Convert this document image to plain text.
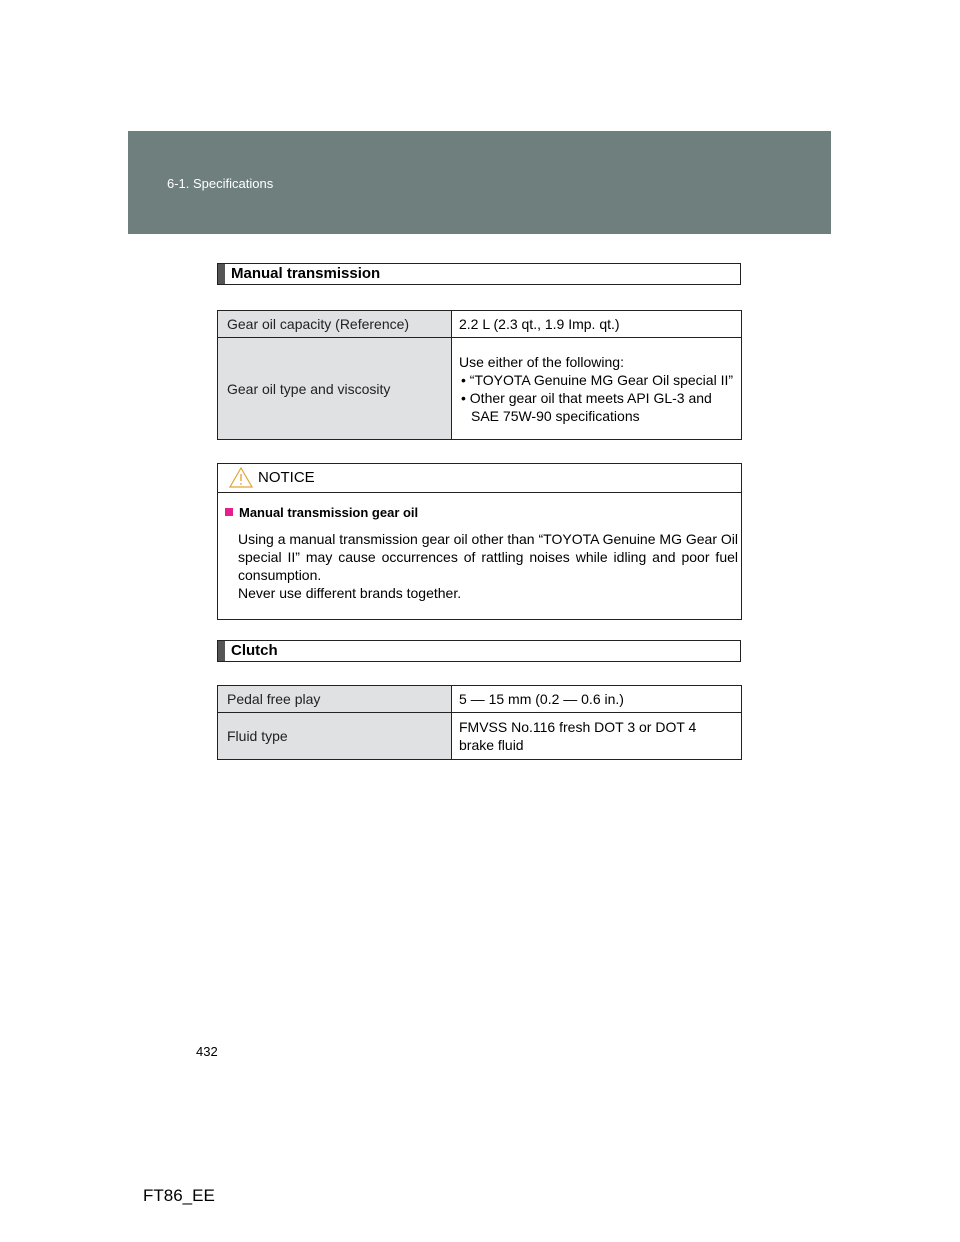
6-1. Specifications
Manual transmission
Gear oil capacity (Reference)	2.2 L (2.3 qt., 1.9 Imp. qt.)
Gear oil type and viscosity	Use either of the following:
• “TOYOTA Genuine MG Gear Oil special II”
• Other gear oil that meets API GL-3 and SAE 75W-90 specifications
NOTICE
Manual transmission gear oil
Using a manual transmission gear oil other than “TOYOTA Genuine MG Gear Oil special II” may cause occurrences of rattling noises while idling and poor fuel consumption.
Never use different brands together.
Clutch
Pedal free play	5 — 15 mm (0.2 — 0.6 in.)
Fluid type	FMVSS No.116 fresh DOT 3 or DOT 4 brake fluid
432
FT86_EE
